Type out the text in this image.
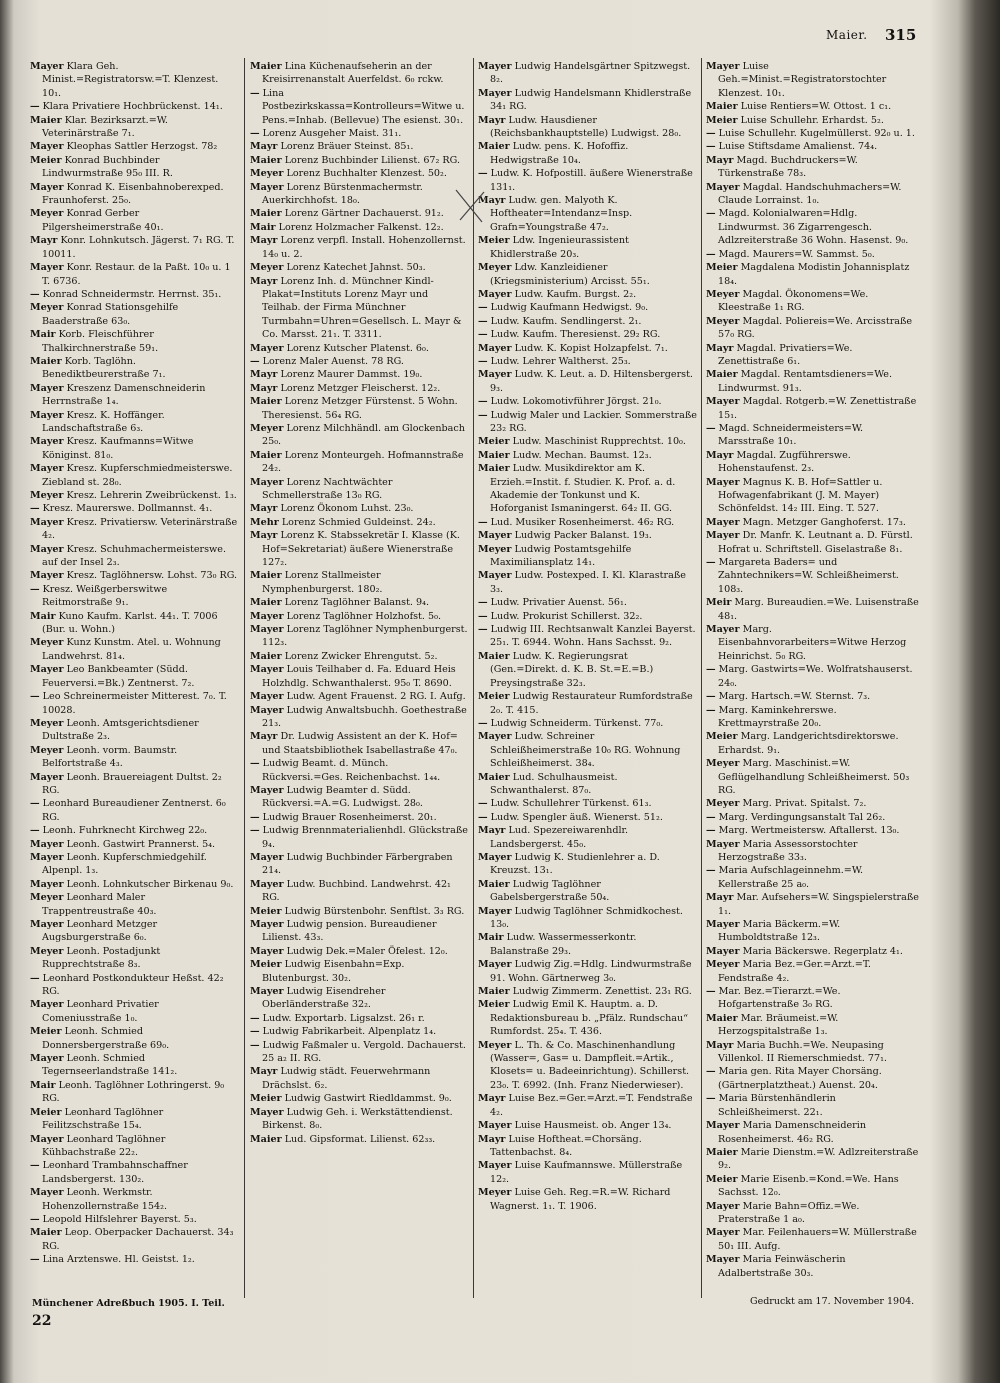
Maier. 315

Mayer Klara Geh. Minist.=Registratorsw.=T. Klenzest. 10₁.

— Klara Privatiere Hochbrückenst. 14₁.

Maier Klar. Bezirksarzt.=W. Veterinärstraße 7₁.

Mayer Kleophas Sattler Herzogst. 78₂

Meier Konrad Buchbinder Lindwurmstraße 95₀ III. R.

Mayer Konrad K. Eisenbahnoberexped. Fraunhoferst. 25₀.

Meyer Konrad Gerber Pilgersheimerstraße 40₁.

Mayr Konr. Lohnkutsch. Jägerst. 7₁ RG. T. 10011.

Mayer Konr. Restaur. de la Paßt. 10₀ u. 1 T. 6736.

— Konrad Schneidermstr. Herrnst. 35₁.

Meyer Konrad Stationsgehilfe Baaderstraße 63₀.

Mair Korb. Fleischführer Thalkirchnerstraße 59₁.

Maier Korb. Taglöhn. Benediktbeurerstraße 7₁.

Mayer Kreszenz Damenschneiderin Herrnstraße 1₄.

Mayer Kresz. K. Hoffänger. Landschaftstraße 6₃.

Mayer Kresz. Kaufmanns=Witwe Königinst. 81₀.

Mayer Kresz. Kupferschmiedmeisterswe. Ziebland st. 28₀.

Meyer Kresz. Lehrerin Zweibrückenst. 1₃.

— Kresz. Maurerswe. Dollmannst. 4₁.

Mayer Kresz. Privatiersw. Veterinärstraße 4₂.

Mayer Kresz. Schuhmachermeisterswe. auf der Insel 2₃.

Mayer Kresz. Taglöhnersw. Lohst. 73₀ RG.

— Kresz. Weißgerberswitwe Reitmorstraße 9₁.

Mair Kuno Kaufm. Karlst. 44₁. T. 7006 (Bur. u. Wohn.)

Meyer Kunz Kunstm. Atel. u. Wohnung Landwehrst. 81₄.

Mayer Leo Bankbeamter (Südd. Feuerversi.=Bk.) Zentnerst. 7₂.

— Leo Schreinermeister Mitterest. 7₀. T. 10028.

Meyer Leonh. Amtsgerichtsdiener Dultstraße 2₃.

Meyer Leonh. vorm. Baumstr. Belfortstraße 4₃.

Mayer Leonh. Brauereiagent Dultst. 2₂ RG.

— Leonhard Bureaudiener Zentnerst. 6₀ RG.

— Leonh. Fuhrknecht Kirchweg 22₀.

Mayer Leonh. Gastwirt Prannerst. 5₄.

Mayer Leonh. Kupferschmiedgehilf. Alpenpl. 1₃.

Mayer Leonh. Lohnkutscher Birkenau 9₀.

Meyer Leonhard Maler Trappentreustraße 40₃.

Mayer Leonhard Metzger Augsburgerstraße 6₀.

Meyer Leonh. Postadjunkt Rupprechtstraße 8₃.

— Leonhard Postkondukteur Heßst. 42₂ RG.

Mayer Leonhard Privatier Comeniusstraße 1₀.

Meier Leonh. Schmied Donnersbergerstraße 69₀.

Mayer Leonh. Schmied Tegernseerlandstraße 141₂.

Mair Leonh. Taglöhner Lothringerst. 9₀ RG.

Meier Leonhard Taglöhner Feilitzschstraße 15₄.

Mayer Leonhard Taglöhner Kühbachstraße 22₂.

— Leonhard Trambahnschaffner Landsbergerst. 130₂.

Mayer Leonh. Werkmstr. Hohenzollernstraße 154₂.

— Leopold Hilfslehrer Bayerst. 5₃.

Maier Leop. Oberpacker Dachauerst. 34₃ RG.

— Lina Arztenswe. Hl. Geistst. 1₂.

Maier Lina Küchenaufseherin an der Kreisirrenanstalt Auerfeldst. 6₀ rckw.

— Lina Postbezirkskassa=Kontrolleurs=Witwe u. Pens.=Inhab. (Bellevue) The esienst. 30₁.

— Lorenz Ausgeher Maist. 31₁.

Mayr Lorenz Bräuer Steinst. 85₁.

Maier Lorenz Buchbinder Lilienst. 67₂ RG.

Meyer Lorenz Buchhalter Klenzest. 50₂.

Mayer Lorenz Bürstenmachermstr. Auerkirchhofst. 18₀.

Maier Lorenz Gärtner Dachauerst. 91₂.

Mair Lorenz Holzmacher Falkenst. 12₂.

Mayr Lorenz verpfl. Install. Hohenzollernst. 14₀ u. 2.

Meyer Lorenz Katechet Jahnst. 50₃.

Mayr Lorenz Inh. d. Münchner Kindl-Plakat=Instituts Lorenz Mayr und Teilhab. der Firma Münchner Turmbahn=Uhren=Gesellsch. L. Mayr & Co. Marsst. 21₁. T. 3311.

Mayer Lorenz Kutscher Platenst. 6₀.

— Lorenz Maler Auenst. 78 RG.

Mayr Lorenz Maurer Dammst. 19₀.

Mayr Lorenz Metzger Fleischerst. 12₂.

Maier Lorenz Metzger Fürstenst. 5 Wohn. Theresienst. 56₄ RG.

Meyer Lorenz Milchhändl. am Glockenbach 25₀.

Maier Lorenz Monteurgeh. Hofmannstraße 24₂.

Mayer Lorenz Nachtwächter Schmellerstraße 13₀ RG.

Mayr Lorenz Ökonom Luhst. 23₀.

Mehr Lorenz Schmied Guldeinst. 24₂.

Mayr Lorenz K. Stabssekretär I. Klasse (K. Hof=Sekretariat) äußere Wienerstraße 127₂.

Maier Lorenz Stallmeister Nymphenburgerst. 180₂.

Maier Lorenz Taglöhner Balanst. 9₄.

Mayer Lorenz Taglöhner Holzhofst. 5₀.

Mayer Lorenz Taglöhner Nymphenburgerst. 112₃.

Maier Lorenz Zwicker Ehrengutst. 5₂.

Mayer Louis Teilhaber d. Fa. Eduard Heis Holzhdlg. Schwanthalerst. 95₀ T. 8690.

Mayer Ludw. Agent Frauenst. 2 RG. I. Aufg.

Mayer Ludwig Anwaltsbuchh. Goethestraße 21₃.

Mayr Dr. Ludwig Assistent an der K. Hof= und Staatsbibliothek Isabellastraße 47₀.

— Ludwig Beamt. d. Münch. Rückversi.=Ges. Reichenbachst. 1₄₄.

Mayer Ludwig Beamter d. Südd. Rückversi.=A.=G. Ludwigst. 28₀.

— Ludwig Brauer Rosenheimerst. 20₁.

— Ludwig Brennmaterialienhdl. Glückstraße 9₄.

Mayer Ludwig Buchbinder Färbergraben 21₄.

Mayer Ludw. Buchbind. Landwehrst. 42₁ RG.

Meier Ludwig Bürstenbohr. Senftlst. 3₃ RG.

Mayer Ludwig pension. Bureaudiener Lilienst. 43₃.

Mayer Ludwig Dek.=Maler Öfelest. 12₀.

Meier Ludwig Eisenbahn=Exp. Blutenburgst. 30₂.

Mayer Ludwig Eisendreher Oberländerstraße 32₂.

— Ludw. Exportarb. Ligsalzst. 26₁ r.

— Ludwig Fabrikarbeit. Alpenplatz 1₄.

— Ludwig Faßmaler u. Vergold. Dachauerst. 25 a₂ II. RG.

Mayr Ludwig städt. Feuerwehrmann Drächslst. 6₂.

Meier Ludwig Gastwirt Riedldammst. 9₀.

Mayer Ludwig Geh. i. Werkstättendienst. Birkenst. 8₀.

Maier Lud. Gipsformat. Lilienst. 62₃₃.

Mayer Ludwig Handelsgärtner Spitzwegst. 8₂.

Mayer Ludwig Handelsmann Khidlerstraße 34₁ RG.

Mayr Ludw. Hausdiener (Reichsbankhauptstelle) Ludwigst. 28₀.

Maier Ludw. pens. K. Hofoffiz. Hedwigstraße 10₄.

— Ludw. K. Hofpostill. äußere Wienerstraße 131₁.

Mayr Ludw. gen. Malyoth K. Hoftheater=Intendanz=Insp. Grafn=Youngstraße 47₂.

Meier Ldw. Ingenieurassistent Khidlerstraße 20₃.

Meyer Ldw. Kanzleidiener (Kriegsministerium) Arcisst. 55₁.

Mayer Ludw. Kaufm. Burgst. 2₂.

— Ludwig Kaufmann Hedwigst. 9₀.

— Ludw. Kaufm. Sendlingerst. 2₁.

— Ludw. Kaufm. Theresienst. 29₂ RG.

Mayer Ludw. K. Kopist Holzapfelst. 7₁.

— Ludw. Lehrer Waltherst. 25₃.

Mayer Ludw. K. Leut. a. D. Hiltensbergerst. 9₃.

— Ludw. Lokomotivführer Jörgst. 21₀.

— Ludwig Maler und Lackier. Sommerstraße 23₂ RG.

Meier Ludw. Maschinist Rupprechtst. 10₀.

Maier Ludw. Mechan. Baumst. 12₃.

Maier Ludw. Musikdirektor am K. Erzieh.=Instit. f. Studier. K. Prof. a. d. Akademie der Tonkunst und K. Hoforganist Ismaningerst. 64₂ II. GG.

— Lud. Musiker Rosenheimerst. 46₂ RG.

Mayer Ludwig Packer Balanst. 19₃.

Meyer Ludwig Postamtsgehilfe Maximiliansplatz 14₁.

Mayer Ludw. Postexped. I. Kl. Klarastraße 3₃.

— Ludw. Privatier Auenst. 56₁.

— Ludw. Prokurist Schillerst. 32₂.

— Ludwig III. Rechtsanwalt Kanzlei Bayerst. 25₁. T. 6944. Wohn. Hans Sachsst. 9₂.

Maier Ludw. K. Regierungsrat (Gen.=Direkt. d. K. B. St.=E.=B.) Preysingstraße 32₃.

Meier Ludwig Restaurateur Rumfordstraße 2₀. T. 415.

— Ludwig Schneiderm. Türkenst. 77₀.

Mayer Ludw. Schreiner Schleißheimerstraße 10₀ RG. Wohnung Schleißheimerst. 38₄.

Maier Lud. Schulhausmeist. Schwanthalerst. 87₀.

— Ludw. Schullehrer Türkenst. 61₃.

— Ludw. Spengler äuß. Wienerst. 51₂.

Mayr Lud. Spezereiwarenhdlr. Landsbergerst. 45₀.

Mayer Ludwig K. Studienlehrer a. D. Kreuzst. 13₁.

Maier Ludwig Taglöhner Gabelsbergerstraße 50₄.

Mayer Ludwig Taglöhner Schmidkochest. 13₀.

Mair Ludw. Wassermesserkontr. Balanstraße 29₃.

Mayer Ludwig Zig.=Hdlg. Lindwurmstraße 91. Wohn. Gärtnerweg 3₀.

Maier Ludwig Zimmerm. Zenettist. 23₁ RG.

Meier Ludwig Emil K. Hauptm. a. D. Redaktionsbureau b. „Pfälz. Rundschau“ Rumfordst. 25₄. T. 436.

Meyer L. Th. & Co. Maschinenhandlung (Wasser=, Gas= u. Dampfleit.=Artik., Klosets= u. Badeeinrichtung). Schillerst. 23₀. T. 6992. (Inh. Franz Niederwieser).

Mayr Luise Bez.=Ger.=Arzt.=T. Fendstraße 4₂.

Mayer Luise Hausmeist. ob. Anger 13₄.

Mayr Luise Hoftheat.=Chorsäng. Tattenbachst. 8₄.

Mayer Luise Kaufmannswe. Müllerstraße 12₂.

Meyer Luise Geh. Reg.=R.=W. Richard Wagnerst. 1₁. T. 1906.

Mayer Luise Geh.=Minist.=Registratorstochter Klenzest. 10₁.

Maier Luise Rentiers=W. Ottost. 1 c₁.

Meier Luise Schullehr. Erhardst. 5₂.

— Luise Schullehr. Kugelmüllerst. 92₀ u. 1.

— Luise Stiftsdame Amalienst. 74₄.

Mayr Magd. Buchdruckers=W. Türkenstraße 78₃.

Mayer Magdal. Handschuhmachers=W. Claude Lorrainst. 1₀.

— Magd. Kolonialwaren=Hdlg. Lindwurmst. 36 Zigarrengesch. Adlzreiterstraße 36 Wohn. Hasenst. 9₀.

— Magd. Maurers=W. Sammst. 5₀.

Meier Magdalena Modistin Johannisplatz 18₄.

Meyer Magdal. Ökonomens=We. Kleestraße 1₁ RG.

Meyer Magdal. Poliereis=We. Arcisstraße 57₀ RG.

Mayr Magdal. Privatiers=We. Zenettistraße 6₁.

Maier Magdal. Rentamtsdieners=We. Lindwurmst. 91₃.

Mayer Magdal. Rotgerb.=W. Zenettistraße 15₁.

— Magd. Schneidermeisters=W. Marsstraße 10₁.

Mayr Magdal. Zugführerswe. Hohenstaufenst. 2₃.

Mayer Magnus K. B. Hof=Sattler u. Hofwagenfabrikant (J. M. Mayer) Schönfeldst. 14₂ III. Eing. T. 527.

Mayer Magn. Metzger Ganghoferst. 17₃.

Mayer Dr. Manfr. K. Leutnant a. D. Fürstl. Hofrat u. Schriftstell. Giselastraße 8₁.

— Margareta Baders= und Zahntechnikers=W. Schleißheimerst. 108₃.

Meir Marg. Bureaudien.=We. Luisenstraße 48₁.

Mayer Marg. Eisenbahnvorarbeiters=Witwe Herzog Heinrichst. 5₀ RG.

— Marg. Gastwirts=We. Wolfratshauserst. 24₀.

— Marg. Hartsch.=W. Sternst. 7₃.

— Marg. Kaminkehrerswe. Krettmayrstraße 20₀.

Meier Marg. Landgerichtsdirektorswe. Erhardst. 9₁.

Meyer Marg. Maschinist.=W. Geflügelhandlung Schleißheimerst. 50₃ RG.

Meyer Marg. Privat. Spitalst. 7₂.

— Marg. Verdingungsanstalt Tal 26₂.

— Marg. Wertmeistersw. Aftallerst. 13₀.

Mayer Maria Assessorstochter Herzogstraße 33₃.

— Maria Aufschlageinnehm.=W. Kellerstraße 25 a₀.

Mayr Mar. Aufsehers=W. Singspielerstraße 1₁.

Mayer Maria Bäckerm.=W. Humboldtstraße 12₃.

Mayer Maria Bäckerswe. Regerplatz 4₁.

Meyer Maria Bez.=Ger.=Arzt.=T. Fendstraße 4₂.

— Mar. Bez.=Tierarzt.=We. Hofgartenstraße 3₀ RG.

Maier Mar. Bräumeist.=W. Herzogspitalstraße 1₃.

Mayr Maria Buchh.=We. Neupasing Villenkol. II Riemerschmiedst. 77₁.

— Maria gen. Rita Mayer Chorsäng. (Gärtnerplatztheat.) Auenst. 20₄.

— Maria Bürstenhändlerin Schleißheimerst. 22₁.

Mayer Maria Damenschneiderin Rosenheimerst. 46₂ RG.

Maier Marie Dienstm.=W. Adlzreiterstraße 9₂.

Meier Marie Eisenb.=Kond.=We. Hans Sachsst. 12₀.

Mayer Marie Bahn=Offiz.=We. Praterstraße 1 a₀.

Mayer Mar. Feilenhauers=W. Müllerstraße 50₁ III. Aufg.

Mayer Maria Feinwäscherin Adalbertstraße 30₃.

Münchener Adreßbuch 1905. I. Teil.
22
Gedruckt am 17. November 1904.
